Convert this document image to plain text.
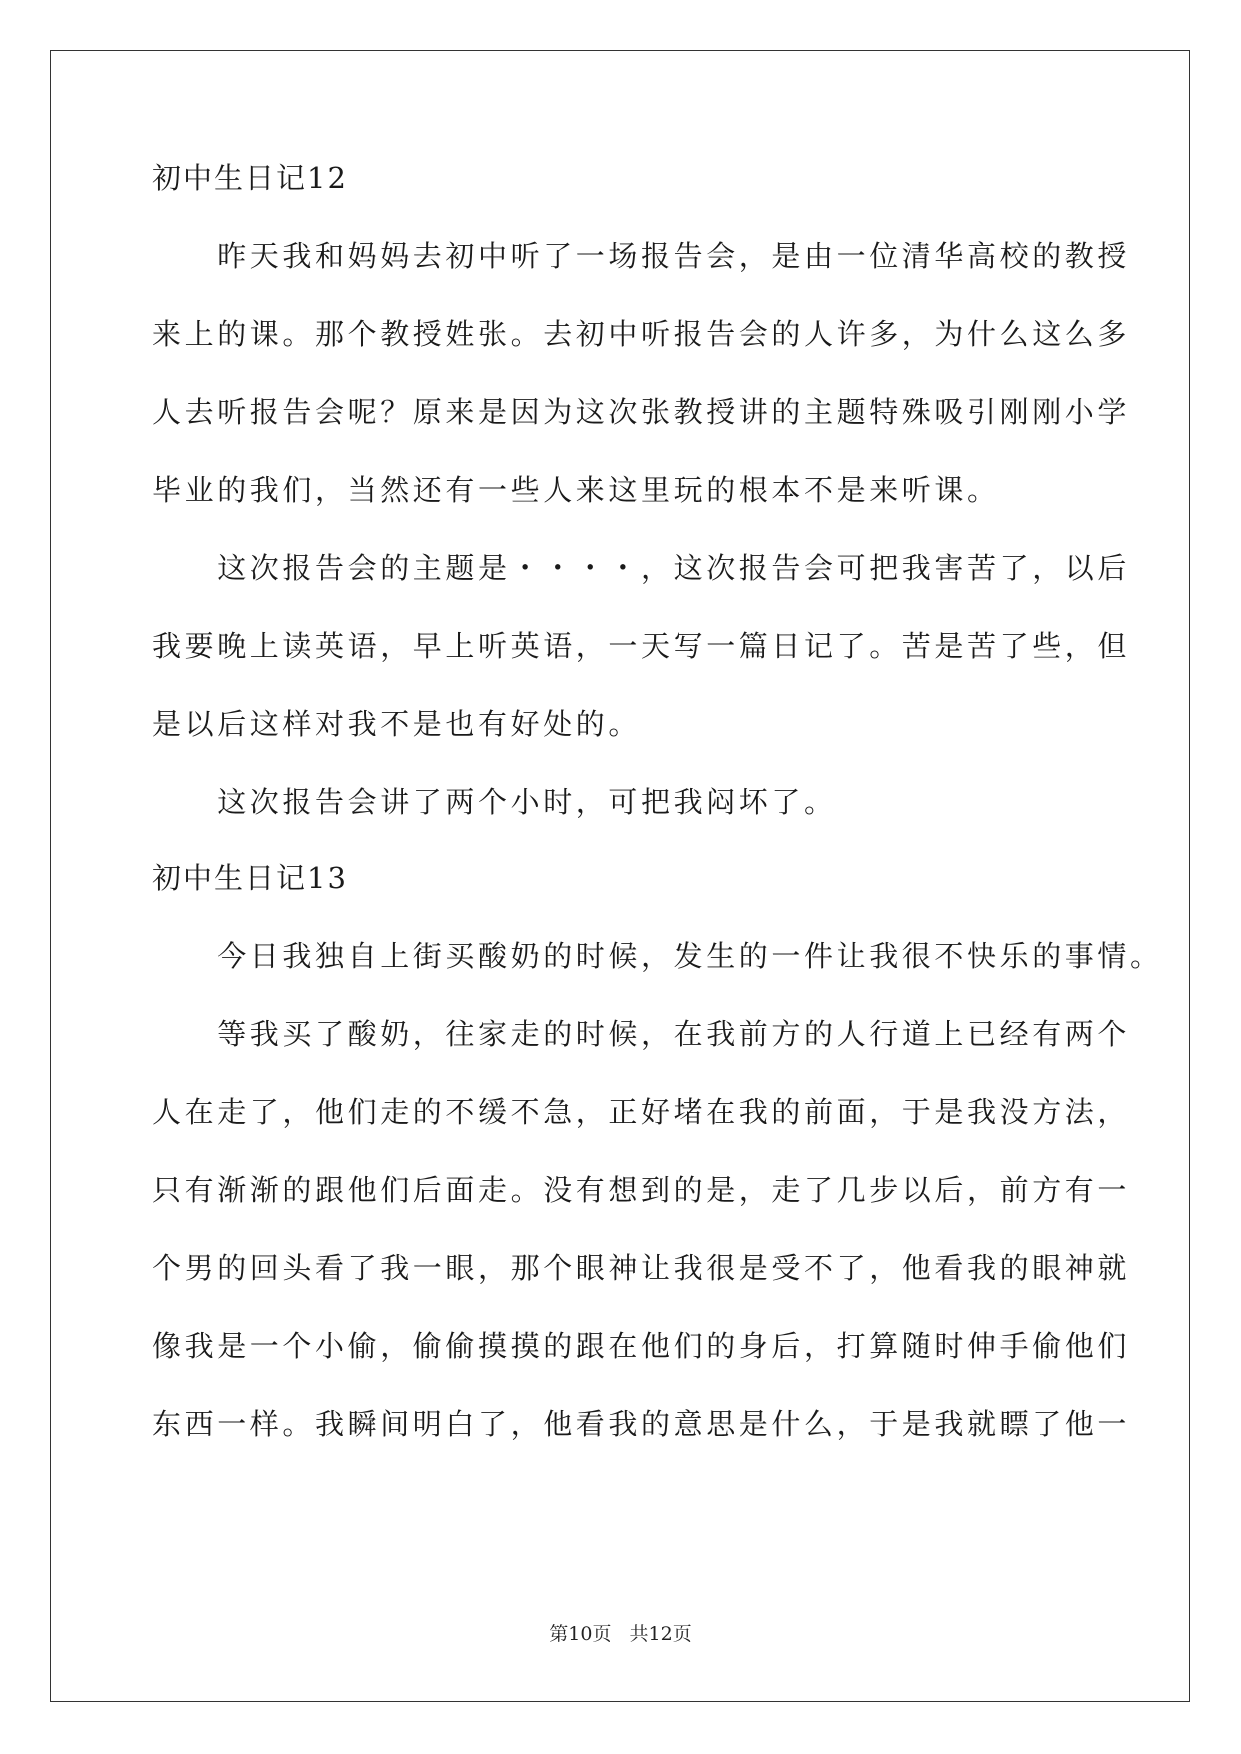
初中生日记12

　　昨天我和妈妈去初中听了一场报告会，是由一位清华高校的教授

来上的课。那个教授姓张。去初中听报告会的人许多，为什么这么多

人去听报告会呢？原来是因为这次张教授讲的主题特殊吸引刚刚小学

毕业的我们，当然还有一些人来这里玩的根本不是来听课。

　　这次报告会的主题是・・・・，这次报告会可把我害苦了，以后

我要晚上读英语，早上听英语，一天写一篇日记了。苦是苦了些，但

是以后这样对我不是也有好处的。

　　这次报告会讲了两个小时，可把我闷坏了。

初中生日记13

　　今日我独自上街买酸奶的时候，发生的一件让我很不快乐的事情。

　　等我买了酸奶，往家走的时候，在我前方的人行道上已经有两个

人在走了，他们走的不缓不急，正好堵在我的前面，于是我没方法，

只有渐渐的跟他们后面走。没有想到的是，走了几步以后，前方有一

个男的回头看了我一眼，那个眼神让我很是受不了，他看我的眼神就

像我是一个小偷，偷偷摸摸的跟在他们的身后，打算随时伸手偷他们

东西一样。我瞬间明白了，他看我的意思是什么，于是我就瞟了他一

第10页 共12页
